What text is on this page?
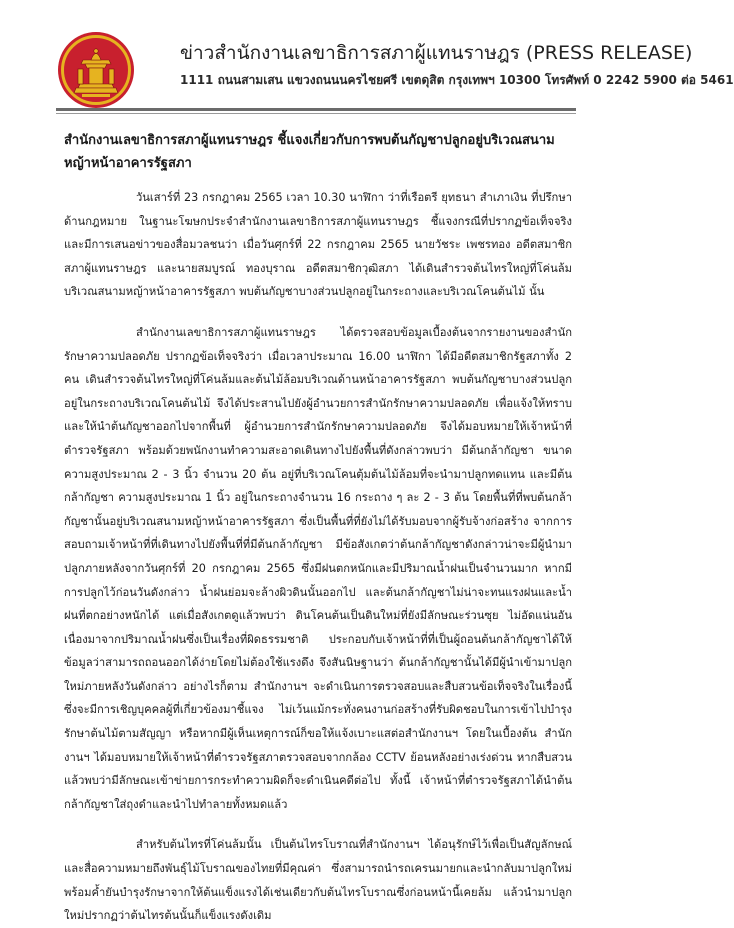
ข่าวสำนักงานเลขาธิการสภาผู้แทนราษฎร (PRESS RELEASE)
1111 ถนนสามเสน แขวงถนนนครไชยศรี เขตดุสิต กรุงเทพฯ 10300 โทรศัพท์ 0 2242 5900 ต่อ 5461
สำนักงานเลขาธิการสภาผู้แทนราษฎร ชี้แจงเกี่ยวกับการพบต้นกัญชาปลูกอยู่บริเวณสนามหญ้าหน้าอาคารรัฐสภา

วันเสาร์ที่ 23 กรกฎาคม 2565 เวลา 10.30 นาฬิกา ว่าที่เรือตรี ยุทธนา สำเภาเงิน ที่ปรึกษาด้านกฎหมาย ในฐานะโฆษกประจำสำนักงานเลขาธิการสภาผู้แทนราษฎร ชี้แจงกรณีที่ปรากฏข้อเท็จจริงและมีการเสนอข่าวของสื่อมวลชนว่า เมื่อวันศุกร์ที่ 22 กรกฎาคม 2565 นายวัชระ เพชรทอง อดีตสมาชิกสภาผู้แทนราษฎร และนายสมบูรณ์ ทองบุราณ อดีตสมาชิกวุฒิสภา ได้เดินสำรวจต้นไทรใหญ่ที่โค่นล้มบริเวณสนามหญ้าหน้าอาคารรัฐสภา พบต้นกัญชาบางส่วนปลูกอยู่ในกระถางและบริเวณโคนต้นไม้ นั้น

สำนักงานเลขาธิการสภาผู้แทนราษฎร ได้ตรวจสอบข้อมูลเบื้องต้นจากรายงานของสำนักรักษาความปลอดภัย ปรากฏข้อเท็จจริงว่า เมื่อเวลาประมาณ 16.00 นาฬิกา ได้มีอดีตสมาชิกรัฐสภาทั้ง 2 คน เดินสำรวจต้นไทรใหญ่ที่โค่นล้มและต้นไม้ล้อมบริเวณด้านหน้าอาคารรัฐสภา พบต้นกัญชาบางส่วนปลูกอยู่ในกระถางบริเวณโคนต้นไม้ จึงได้ประสานไปยังผู้อำนวยการสำนักรักษาความปลอดภัย เพื่อแจ้งให้ทราบและให้นำต้นกัญชาออกไปจากพื้นที่ ผู้อำนวยการสำนักรักษาความปลอดภัย จึงได้มอบหมายให้เจ้าหน้าที่ตำรวจรัฐสภา พร้อมด้วยพนักงานทำความสะอาดเดินทางไปยังพื้นที่ดังกล่าวพบว่า มีต้นกล้ากัญชา ขนาดความสูงประมาณ 2 - 3 นิ้ว จำนวน 20 ต้น อยู่ที่บริเวณโคนตุ้มต้นไม้ล้อมที่จะนำมาปลูกทดแทน และมีต้นกล้ากัญชา ความสูงประมาณ 1 นิ้ว อยู่ในกระถางจำนวน 16 กระถาง ๆ ละ 2 - 3 ต้น โดยพื้นที่ที่พบต้นกล้ากัญชานั้นอยู่บริเวณสนามหญ้าหน้าอาคารรัฐสภา ซึ่งเป็นพื้นที่ที่ยังไม่ได้รับมอบจากผู้รับจ้างก่อสร้าง จากการสอบถามเจ้าหน้าที่ที่เดินทางไปยังพื้นที่ที่มีต้นกล้ากัญชา มีข้อสังเกตว่าต้นกล้ากัญชาดังกล่าวน่าจะมีผู้นำมาปลูกภายหลังจากวันศุกร์ที่ 20 กรกฎาคม 2565 ซึ่งมีฝนตกหนักและมีปริมาณน้ำฝนเป็นจำนวนมาก หากมีการปลูกไว้ก่อนวันดังกล่าว น้ำฝนย่อมจะล้างผิวดินนั้นออกไป และต้นกล้ากัญชาไม่น่าจะทนแรงฝนและน้ำฝนที่ตกอย่างหนักได้ แต่เมื่อสังเกตดูแล้วพบว่า ดินโคนต้นเป็นดินใหม่ที่ยังมีลักษณะร่วนซุย ไม่อัดแน่นอันเนื่องมาจากปริมาณน้ำฝนซึ่งเป็นเรื่องที่ผิดธรรมชาติ ประกอบกับเจ้าหน้าที่ที่เป็นผู้ถอนต้นกล้ากัญชาได้ให้ข้อมูลว่าสามารถถอนออกได้ง่ายโดยไม่ต้องใช้แรงดึง จึงสันนิษฐานว่า ต้นกล้ากัญชานั้นได้มีผู้นำเข้ามาปลูกใหม่ภายหลังวันดังกล่าว อย่างไรก็ตาม สำนักงานฯ จะดำเนินการตรวจสอบและสืบสวนข้อเท็จจริงในเรื่องนี้ ซึ่งจะมีการเชิญบุคคลผู้ที่เกี่ยวข้องมาชี้แจง ไม่เว้นแม้กระทั่งคนงานก่อสร้างที่รับผิดชอบในการเข้าไปบำรุงรักษาต้นไม้ตามสัญญา หรือหากมีผู้เห็นเหตุการณ์ก็ขอให้แจ้งเบาะแสต่อสำนักงานฯ โดยในเบื้องต้น สำนักงานฯ ได้มอบหมายให้เจ้าหน้าที่ตำรวจรัฐสภาตรวจสอบจากกล้อง CCTV ย้อนหลังอย่างเร่งด่วน หากสืบสวนแล้วพบว่ามีลักษณะเข้าข่ายการกระทำความผิดก็จะดำเนินคดีต่อไป ทั้งนี้ เจ้าหน้าที่ตำรวจรัฐสภาได้นำต้นกล้ากัญชาใส่ถุงดำและนำไปทำลายทั้งหมดแล้ว

สำหรับต้นไทรที่โค่นล้มนั้น เป็นต้นไทรโบราณที่สำนักงานฯ ได้อนุรักษ์ไว้เพื่อเป็นสัญลักษณ์และสื่อความหมายถึงพันธุ์ไม้โบราณของไทยที่มีคุณค่า ซึ่งสามารถนำรถเครนมายกและนำกลับมาปลูกใหม่พร้อมค้ำยันบำรุงรักษาจากให้ต้นแข็งแรงได้เช่นเดียวกับต้นไทรโบราณซึ่งก่อนหน้านี้เคยล้ม แล้วนำมาปลูกใหม่ปรากฏว่าต้นไทรต้นนั้นก็แข็งแรงดังเดิม
